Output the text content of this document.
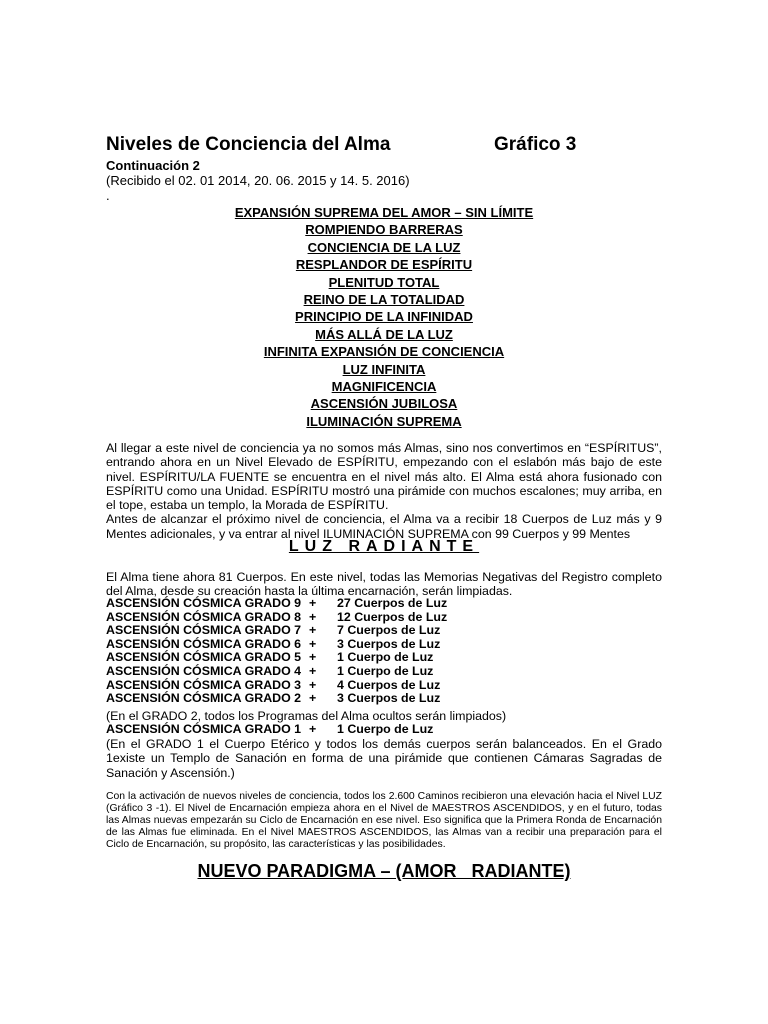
Niveles de Conciencia del Alma	Gráfico 3
Continuación 2
(Recibido el 02. 01 2014, 20. 06. 2015 y 14. 5. 2016)
.
EXPANSIÓN SUPREMA DEL AMOR – SIN LÍMITE
ROMPIENDO BARRERAS
CONCIENCIA DE LA LUZ
RESPLANDOR DE ESPÍRITU
PLENITUD TOTAL
REINO DE LA TOTALIDAD
PRINCIPIO DE LA INFINIDAD
MÁS ALLÁ DE LA LUZ
INFINITA EXPANSIÓN DE CONCIENCIA
LUZ INFINITA
MAGNIFICENCIA
ASCENSIÓN JUBILOSA
ILUMINACIÓN SUPREMA

Al llegar a este nivel de conciencia ya no somos más Almas, sino nos convertimos en “ESPÍRITUS”, entrando ahora en un Nivel Elevado de ESPÍRITU, empezando con el eslabón más bajo de este nivel. ESPÍRITU/LA FUENTE se encuentra en el nivel más alto. El Alma está ahora fusionado con ESPÍRITU como una Unidad. ESPÍRITU mostró una pirámide con muchos escalones; muy arriba, en el tope, estaba un templo, la Morada de ESPÍRITU.

Antes de alcanzar el próximo nivel de conciencia, el Alma va a recibir 18 Cuerpos de Luz más y 9 Mentes adicionales, y va entrar al nivel ILUMINACIÓN SUPREMA con 99 Cuerpos y 99 Mentes

LUZ RADIANTE
El Alma tiene ahora 81 Cuerpos. En este nivel, todas las Memorias Negativas del Registro completo del Alma, desde su creación hasta la última encarnación, serán limpiadas.
ASCENSIÓN CÓSMICA GRADO 9 + 27 Cuerpos de Luz
ASCENSIÓN CÓSMICA GRADO 8 + 12 Cuerpos de Luz
ASCENSIÓN CÓSMICA GRADO 7 + 7 Cuerpos de Luz
ASCENSIÓN CÓSMICA GRADO 6 + 3 Cuerpos de Luz
ASCENSIÓN CÓSMICA GRADO 5 + 1 Cuerpo de Luz
ASCENSIÓN CÓSMICA GRADO 4 + 1 Cuerpo de Luz
ASCENSIÓN CÓSMICA GRADO 3 + 4 Cuerpos de Luz
ASCENSIÓN CÓSMICA GRADO 2 + 3 Cuerpos de Luz
(En el GRADO 2, todos los Programas del Alma ocultos serán limpiados)
ASCENSIÓN CÓSMICA GRADO 1 + 1 Cuerpo de Luz
(En el GRADO 1 el Cuerpo Etérico y todos los demás cuerpos serán balanceados. En el Grado 1existe un Templo de Sanación en forma de una pirámide que contienen Cámaras Sagradas de Sanación y Ascensión.)

Con la activación de nuevos niveles de conciencia, todos los 2.600 Caminos recibieron una elevación hacia el Nivel LUZ (Gráfico 3 -1). El Nivel de Encarnación empieza ahora en el Nivel de MAESTROS ASCENDIDOS, y en el futuro, todas las Almas nuevas empezarán su Ciclo de Encarnación en ese nivel. Eso significa que la Primera Ronda de Encarnación de las Almas fue eliminada. En el Nivel MAESTROS ASCENDIDOS, las Almas van a recibir una preparación para el Ciclo de Encarnación, su propósito, las características y las posibilidades.

NUEVO PARADIGMA – (AMOR   RADIANTE)
